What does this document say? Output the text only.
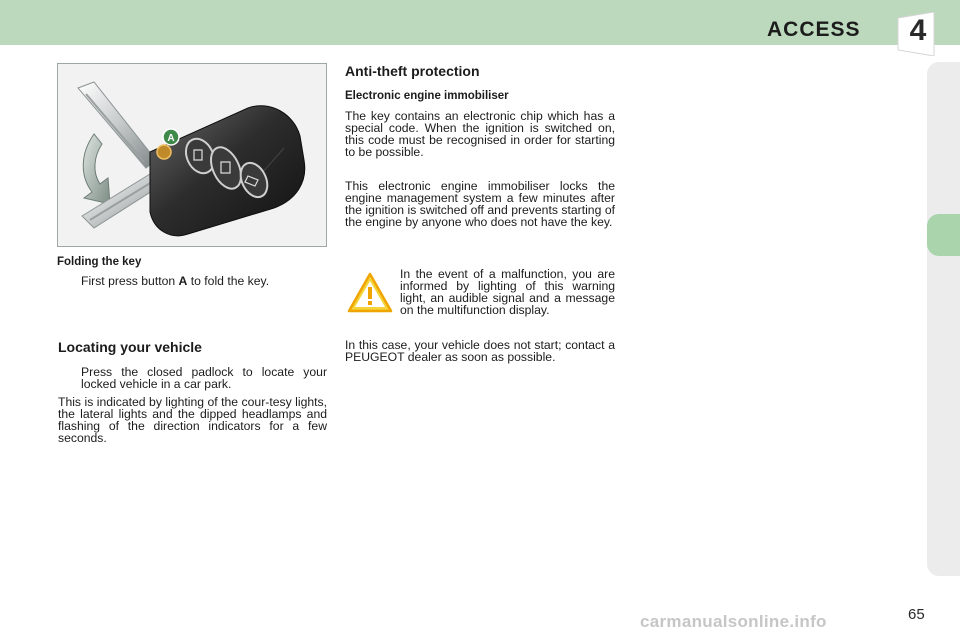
ACCESS	4
A
Folding the key
First press button A to fold the key.
Locating your vehicle
Press the closed padlock to locate your locked vehicle in a car park.

This is indicated by lighting of the cour-tesy lights, the lateral lights and the dipped headlamps and flashing of the direction indicators for a few seconds.

Anti-theft protection
Electronic engine immobiliser

The key contains an electronic chip which has a special code. When the ignition is switched on, this code must be recognised in order for starting to be possible.

This electronic engine immobiliser locks the engine management system a few minutes after the ignition is switched off and prevents starting of the engine by anyone who does not have the key.

In the event of a malfunction, you are informed by lighting of this warning light, an audible signal and a message on the multifunction display.

In this case, your vehicle does not start; contact a PEUGEOT dealer as soon as possible.

65
carmanualsonline.info
